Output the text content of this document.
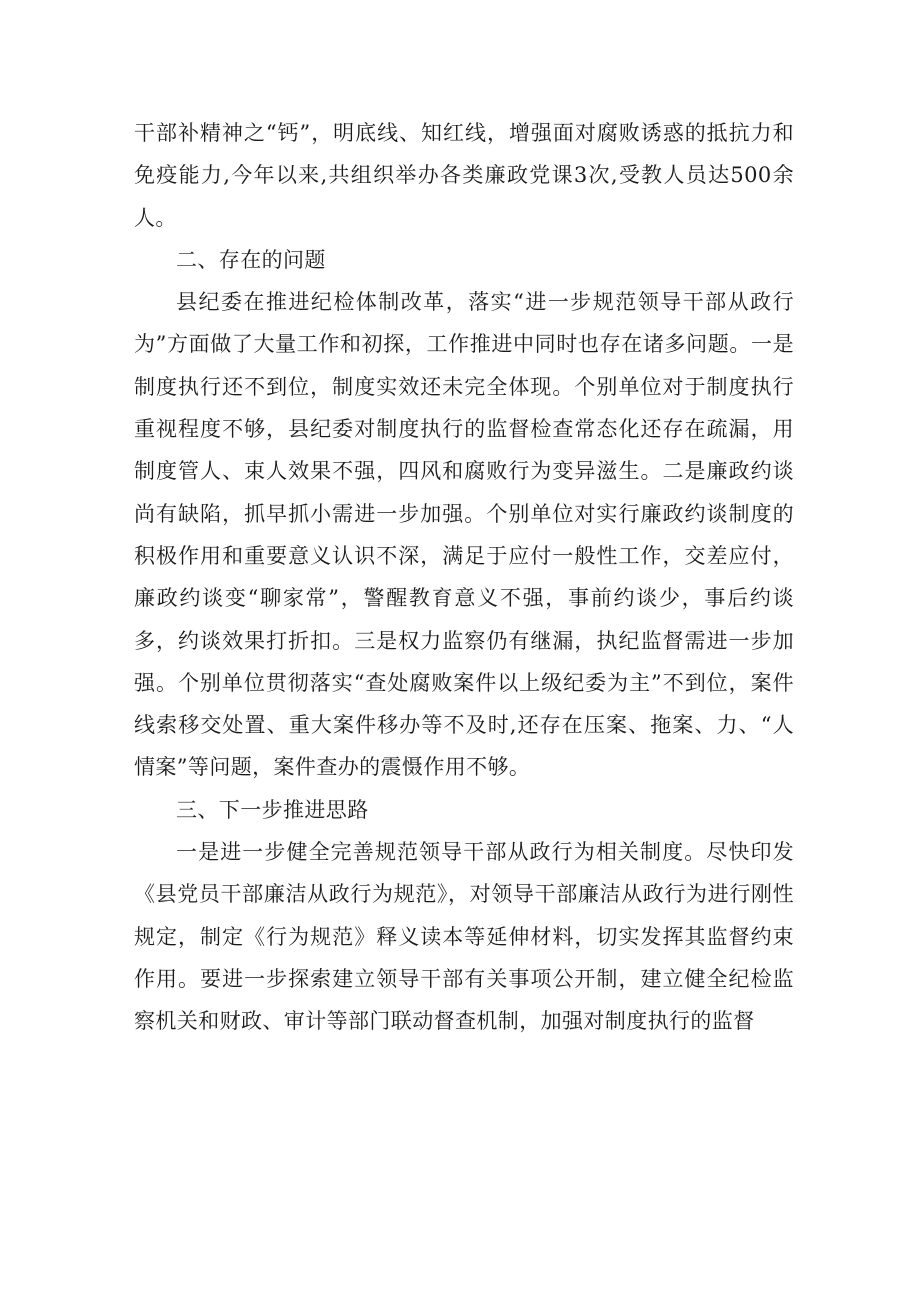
干部补精神之“钙”，明底线、知红线，增强面对腐败诱惑的抵抗力和免疫能力,今年以来,共组织举办各类廉政党课3次,受教人员达500余人。

二、存在的问题

县纪委在推进纪检体制改革，落实“进一步规范领导干部从政行为”方面做了大量工作和初探，工作推进中同时也存在诸多问题。一是制度执行还不到位，制度实效还未完全体现。个别单位对于制度执行重视程度不够，县纪委对制度执行的监督检查常态化还存在疏漏，用制度管人、束人效果不强，四风和腐败行为变异滋生。二是廉政约谈尚有缺陷，抓早抓小需进一步加强。个别单位对实行廉政约谈制度的积极作用和重要意义认识不深，满足于应付一般性工作，交差应付，廉政约谈变“聊家常”，警醒教育意义不强，事前约谈少，事后约谈多，约谈效果打折扣。三是权力监察仍有继漏，执纪监督需进一步加强。个别单位贯彻落实“查处腐败案件以上级纪委为主”不到位，案件线索移交处置、重大案件移办等不及时,还存在压案、拖案、力、“人情案”等问题，案件查办的震慑作用不够。

三、下一步推进思路

一是进一步健全完善规范领导干部从政行为相关制度。尽快印发《县党员干部廉洁从政行为规范》，对领导干部廉洁从政行为进行刚性规定，制定《行为规范》释义读本等延伸材料，切实发挥其监督约束作用。要进一步探索建立领导干部有关事项公开制，建立健全纪检监察机关和财政、审计等部门联动督查机制，加强对制度执行的监督
